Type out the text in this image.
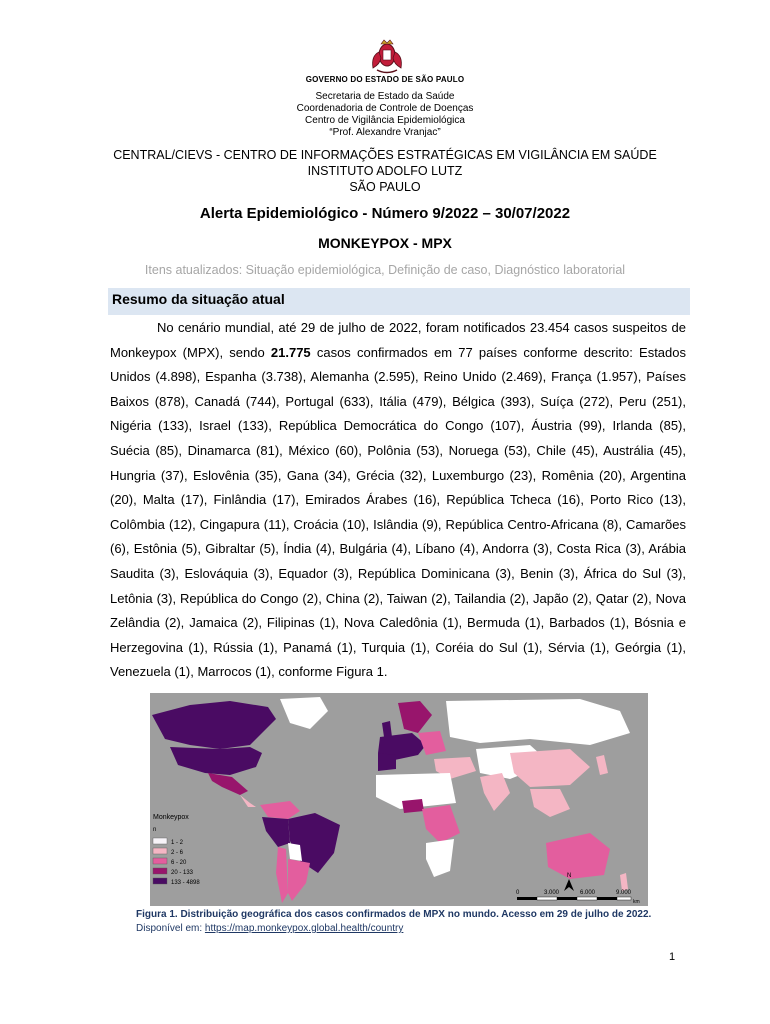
GOVERNO DO ESTADO DE SÃO PAULO
Secretaria de Estado da Saúde
Coordenadoria de Controle de Doenças
Centro de Vigilância Epidemiológica
“Prof. Alexandre Vranjac”
CENTRAL/CIEVS - CENTRO DE INFORMAÇÕES ESTRATÉGICAS EM VIGILÂNCIA EM SAÚDE
INSTITUTO ADOLFO LUTZ
SÃO PAULO
Alerta Epidemiológico - Número 9/2022 – 30/07/2022
MONKEYPOX - MPX
Itens atualizados: Situação epidemiológica, Definição de caso, Diagnóstico laboratorial
Resumo da situação atual

No cenário mundial, até 29 de julho de 2022, foram notificados 23.454 casos suspeitos de Monkeypox (MPX), sendo 21.775 casos confirmados em 77 países conforme descrito: Estados Unidos (4.898), Espanha (3.738), Alemanha (2.595), Reino Unido (2.469), França (1.957), Países Baixos (878), Canadá (744), Portugal (633), Itália (479), Bélgica (393), Suíça (272), Peru (251), Nigéria (133), Israel (133), República Democrática do Congo (107), Áustria (99), Irlanda (85), Suécia (85), Dinamarca (81), México (60), Polônia (53), Noruega (53), Chile (45), Austrália (45), Hungria (37), Eslovênia (35), Gana (34), Grécia (32), Luxemburgo (23), Romênia (20), Argentina (20), Malta (17), Finlândia (17), Emirados Árabes (16), República Tcheca (16), Porto Rico (13), Colômbia (12), Cingapura (11), Croácia (10), Islândia (9), República Centro-Africana (8), Camarões (6), Estônia (5), Gibraltar (5), Índia (4), Bulgária (4), Líbano (4), Andorra (3), Costa Rica (3), Arábia Saudita (3), Eslováquia (3), Equador (3), República Dominicana (3), Benin (3), África do Sul (3), Letônia (3), República do Congo (2), China (2), Taiwan (2), Tailandia (2), Japão (2), Qatar (2), Nova Zelândia (2), Jamaica (2), Filipinas (1), Nova Caledônia (1), Bermuda (1), Barbados (1), Bósnia e Herzegovina (1), Rússia (1), Panamá (1), Turquia (1), Coréia do Sul (1), Sérvia (1), Geórgia (1), Venezuela (1), Marrocos (1), conforme Figura 1.

Monkeypox
n
1 - 2
2 - 6
6 - 20
20 - 133
133 - 4898
N
0	3.000	6.000	9.000
km
Figura 1. Distribuição geográfica dos casos confirmados de MPX no mundo. Acesso em 29 de julho de 2022.
Disponível em: https://map.monkeypox.global.health/country
1
